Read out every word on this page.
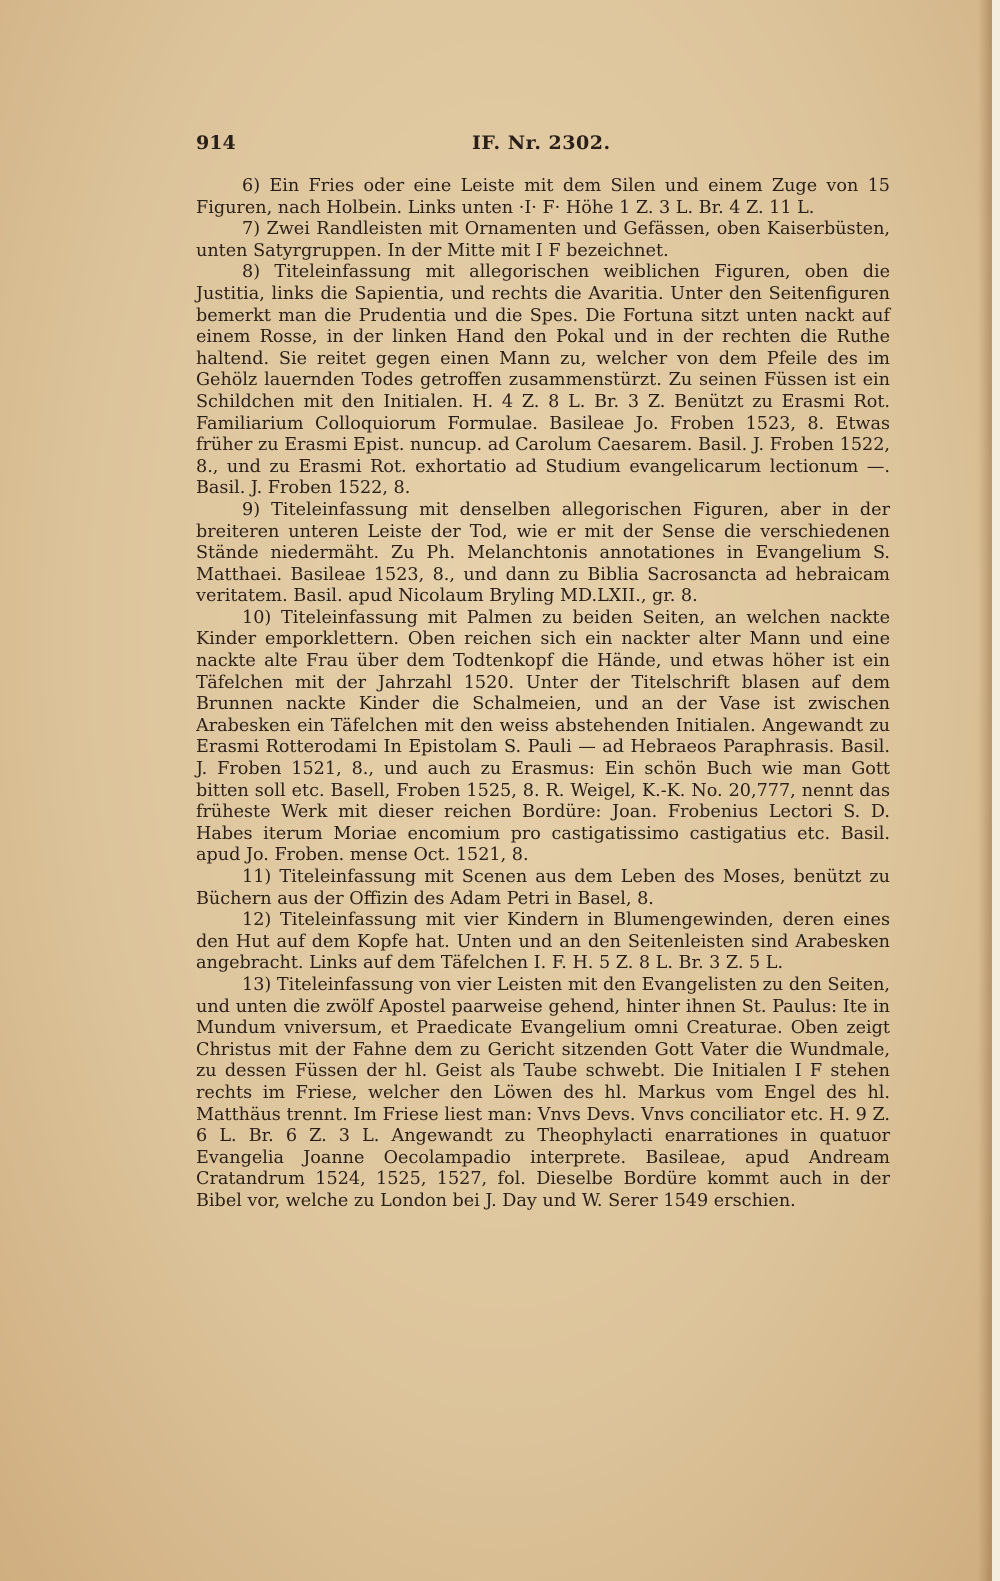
914	IF. Nr. 2302.

6) Ein Fries oder eine Leiste mit dem Silen und einem Zuge von 15 Figuren, nach Holbein. Links unten ·I· F· Höhe 1 Z. 3 L. Br. 4 Z. 11 L.

7) Zwei Randleisten mit Ornamenten und Gefässen, oben Kaiserbüsten, unten Satyrgruppen. In der Mitte mit I F bezeichnet.

8) Titeleinfassung mit allegorischen weiblichen Figuren, oben die Justitia, links die Sapientia, und rechts die Avaritia. Unter den Seitenfiguren bemerkt man die Prudentia und die Spes. Die Fortuna sitzt unten nackt auf einem Rosse, in der linken Hand den Pokal und in der rechten die Ruthe haltend. Sie reitet gegen einen Mann zu, welcher von dem Pfeile des im Gehölz lauernden Todes getroffen zusammenstürzt. Zu seinen Füssen ist ein Schildchen mit den Initialen. H. 4 Z. 8 L. Br. 3 Z. Benützt zu Erasmi Rot. Familiarium Colloquiorum Formulae. Basileae Jo. Froben 1523, 8. Etwas früher zu Erasmi Epist. nuncup. ad Carolum Caesarem. Basil. J. Froben 1522, 8., und zu Erasmi Rot. exhortatio ad Studium evangelicarum lectionum —. Basil. J. Froben 1522, 8.

9) Titeleinfassung mit denselben allegorischen Figuren, aber in der breiteren unteren Leiste der Tod, wie er mit der Sense die verschiedenen Stände niedermäht. Zu Ph. Melanchtonis annotationes in Evangelium S. Matthaei. Basileae 1523, 8., und dann zu Biblia Sacrosancta ad hebraicam veritatem. Basil. apud Nicolaum Bryling MD.LXII., gr. 8.

10) Titeleinfassung mit Palmen zu beiden Seiten, an welchen nackte Kinder emporklettern. Oben reichen sich ein nackter alter Mann und eine nackte alte Frau über dem Todtenkopf die Hände, und etwas höher ist ein Täfelchen mit der Jahrzahl 1520. Unter der Titelschrift blasen auf dem Brunnen nackte Kinder die Schalmeien, und an der Vase ist zwischen Arabesken ein Täfelchen mit den weiss abstehenden Initialen. Angewandt zu Erasmi Rotterodami In Epistolam S. Pauli — ad Hebraeos Paraphrasis. Basil. J. Froben 1521, 8., und auch zu Erasmus: Ein schön Buch wie man Gott bitten soll etc. Basell, Froben 1525, 8. R. Weigel, K.-K. No. 20,777, nennt das früheste Werk mit dieser reichen Bordüre: Joan. Frobenius Lectori S. D. Habes iterum Moriae encomium pro castigatissimo castigatius etc. Basil. apud Jo. Froben. mense Oct. 1521, 8.

11) Titeleinfassung mit Scenen aus dem Leben des Moses, benützt zu Büchern aus der Offizin des Adam Petri in Basel, 8.

12) Titeleinfassung mit vier Kindern in Blumengewinden, deren eines den Hut auf dem Kopfe hat. Unten und an den Seitenleisten sind Arabesken angebracht. Links auf dem Täfelchen I. F. H. 5 Z. 8 L. Br. 3 Z. 5 L.

13) Titeleinfassung von vier Leisten mit den Evangelisten zu den Seiten, und unten die zwölf Apostel paarweise gehend, hinter ihnen St. Paulus: Ite in Mundum vniversum, et Praedicate Evangelium omni Creaturae. Oben zeigt Christus mit der Fahne dem zu Gericht sitzenden Gott Vater die Wundmale, zu dessen Füssen der hl. Geist als Taube schwebt. Die Initialen I F stehen rechts im Friese, welcher den Löwen des hl. Markus vom Engel des hl. Matthäus trennt. Im Friese liest man: Vnvs Devs. Vnvs conciliator etc. H. 9 Z. 6 L. Br. 6 Z. 3 L. Angewandt zu Theophylacti enarrationes in quatuor Evangelia Joanne Oecolampadio interprete. Basileae, apud Andream Cratandrum 1524, 1525, 1527, fol. Dieselbe Bordüre kommt auch in der Bibel vor, welche zu London bei J. Day und W. Serer 1549 erschien.
